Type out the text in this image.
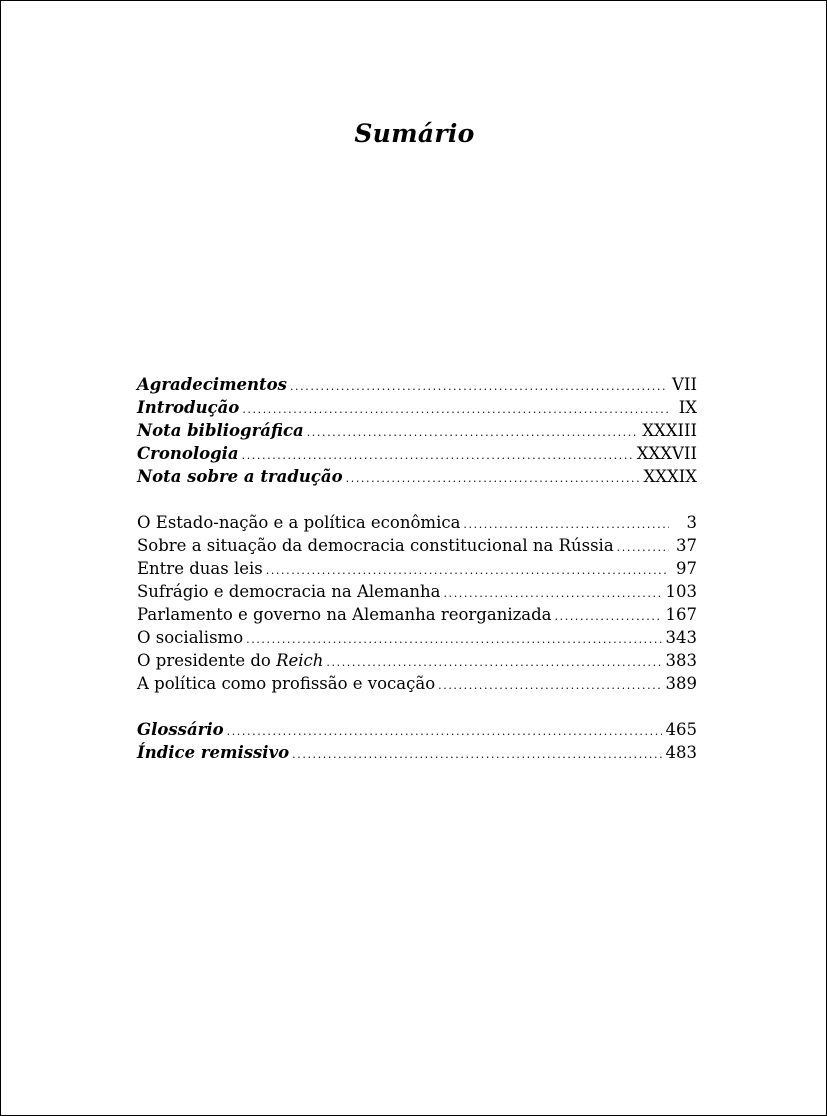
Sumário
Agradecimentos .....	VII
Introdução .....	IX
Nota bibliográfica .....	XXXIII
Cronologia .....	XXXVII
Nota sobre a tradução .....	XXXIX
O Estado-nação e a política econômica .....	3
Sobre a situação da democracia constitucional na Rússia .....	37
Entre duas leis .....	97
Sufrágio e democracia na Alemanha .....	103
Parlamento e governo na Alemanha reorganizada .....	167
O socialismo .....	343
O presidente do Reich .....	383
A política como profissão e vocação .....	389
Glossário .....	465
Índice remissivo .....	483
